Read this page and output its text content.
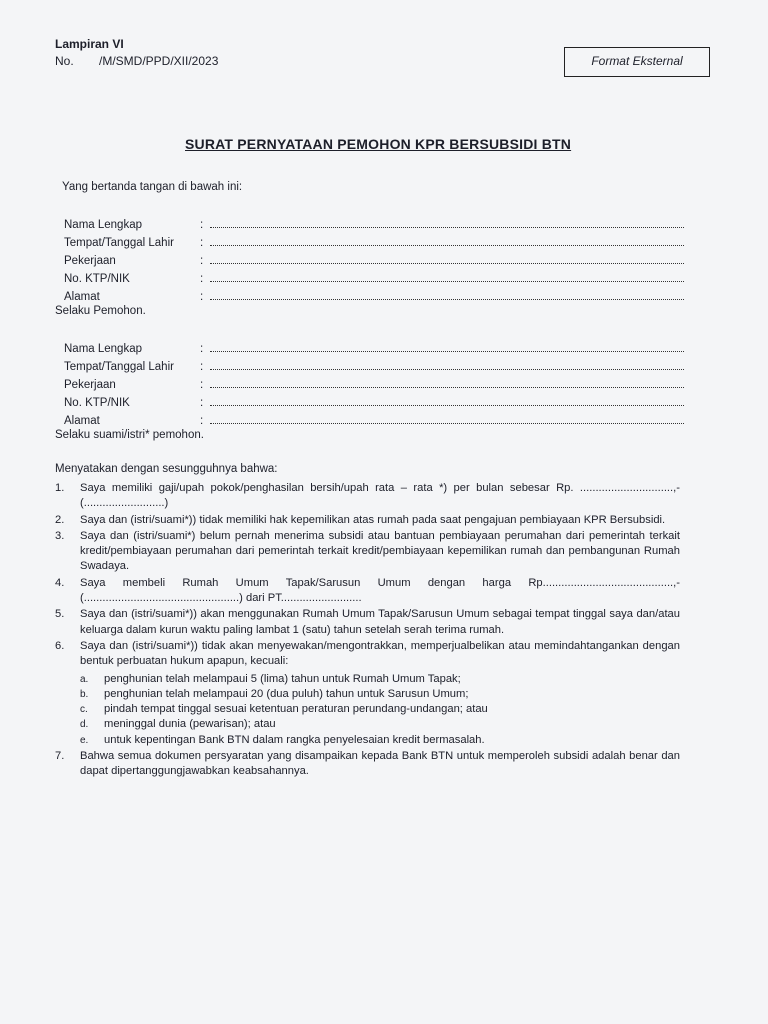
Lampiran VI
No. /M/SMD/PPD/XII/2023	Format Eksternal
SURAT PERNYATAAN PEMOHON KPR BERSUBSIDI BTN
Yang bertanda tangan di bawah ini:
Nama Lengkap	:
Tempat/Tanggal Lahir	:
Pekerjaan	:
No. KTP/NIK	:
Alamat	:
Selaku Pemohon.
Nama Lengkap	:
Tempat/Tanggal Lahir	:
Pekerjaan	:
No. KTP/NIK	:
Alamat	:
Selaku suami/istri* pemohon.
Menyatakan dengan sesungguhnya bahwa:
1.	Saya memiliki gaji/upah pokok/penghasilan bersih/upah rata – rata *) per bulan sebesar Rp. ..............................,- (..........................)
2.	Saya dan (istri/suami*)) tidak memiliki hak kepemilikan atas rumah pada saat pengajuan pembiayaan KPR Bersubsidi.
3.	Saya dan (istri/suami*) belum pernah menerima subsidi atau bantuan pembiayaan perumahan dari pemerintah terkait kredit/pembiayaan perumahan dari pemerintah terkait kredit/pembiayaan kepemilikan rumah dan pembangunan Rumah Swadaya.
4.	Saya membeli Rumah Umum Tapak/Sarusun Umum dengan harga Rp..........................................,- (..................................................) dari PT..........................
5.	Saya dan (istri/suami*)) akan menggunakan Rumah Umum Tapak/Sarusun Umum sebagai tempat tinggal saya dan/atau keluarga dalam kurun waktu paling lambat 1 (satu) tahun setelah serah terima rumah.
6.	Saya dan (istri/suami*)) tidak akan menyewakan/mengontrakkan, memperjualbelikan atau memindahtangankan dengan bentuk perbuatan hukum apapun, kecuali:
a.	penghunian telah melampaui 5 (lima) tahun untuk Rumah Umum Tapak;
b.	penghunian telah melampaui 20 (dua puluh) tahun untuk Sarusun Umum;
c.	pindah tempat tinggal sesuai ketentuan peraturan perundang-undangan; atau
d.	meninggal dunia (pewarisan); atau
e.	untuk kepentingan Bank BTN dalam rangka penyelesaian kredit bermasalah.
7.	Bahwa semua dokumen persyaratan yang disampaikan kepada Bank BTN untuk memperoleh subsidi adalah benar dan dapat dipertanggungjawabkan keabsahannya.
